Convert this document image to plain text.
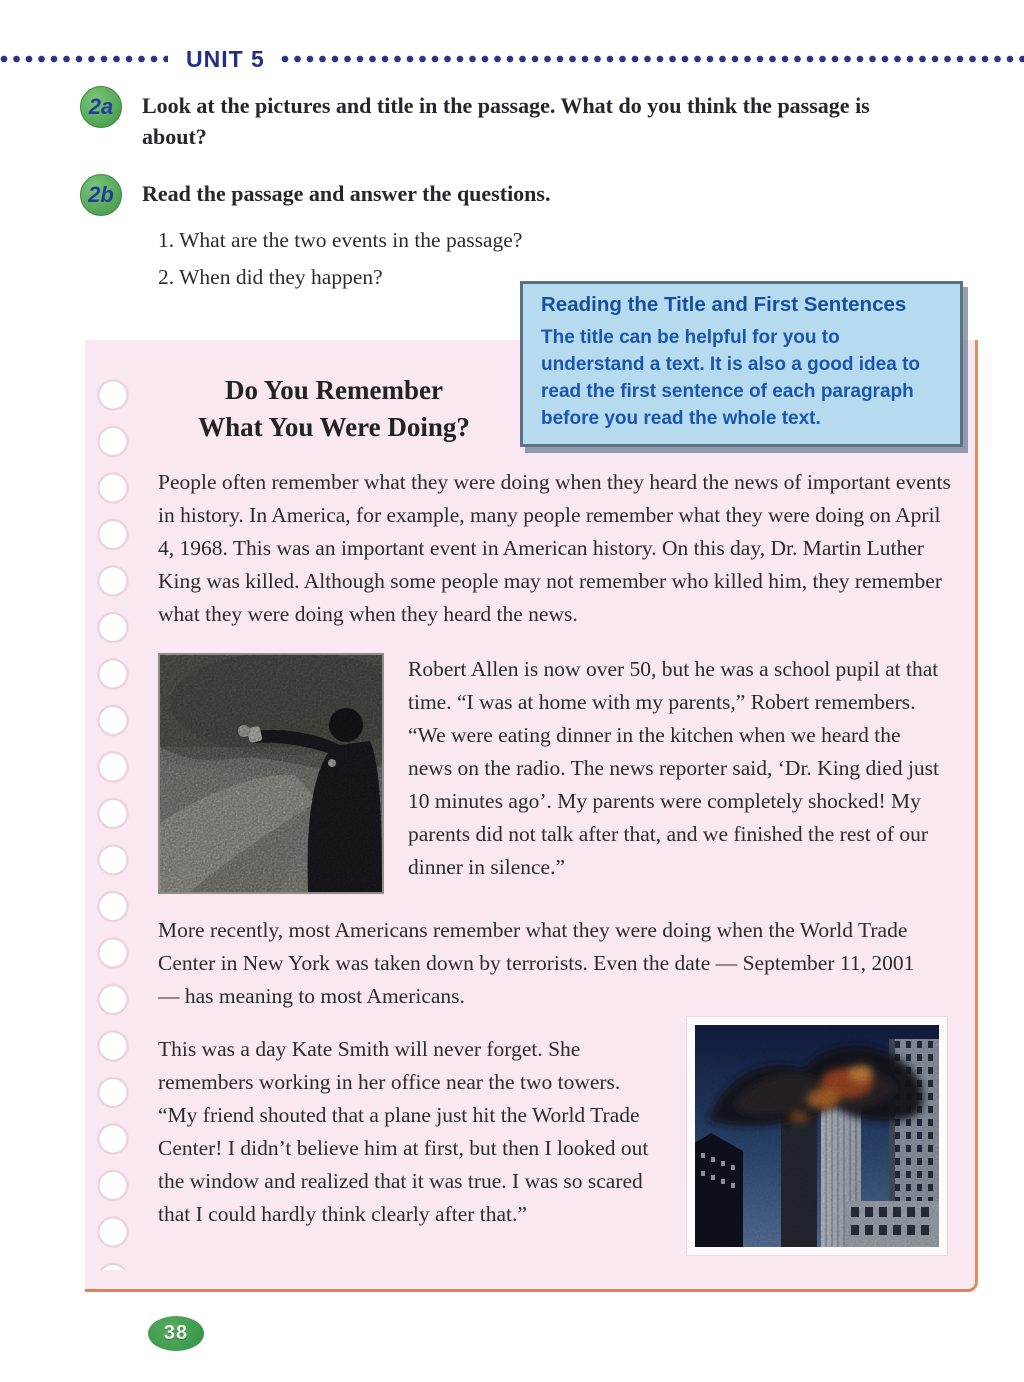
UNIT 5
2a	Look at the pictures and title in the passage. What do you think the passage is about?

2b	Read the passage and answer the questions.

1. What are the two events in the passage?
2. When did they happen?
Reading the Title and First Sentences

The title can be helpful for you to understand a text. It is also a good idea to read the first sentence of each paragraph before you read the whole text.

Do You Remember
What You Were Doing?

People often remember what they were doing when they heard the news of important events in history. In America, for example, many people remember what they were doing on April 4, 1968. This was an important event in American history. On this day, Dr. Martin Luther King was killed. Although some people may not remember who killed him, they remember what they were doing when they heard the news.

Robert Allen is now over 50, but he was a school pupil at that time. “I was at home with my parents,” Robert remembers. “We were eating dinner in the kitchen when we heard the news on the radio. The news reporter said, ‘Dr. King died just 10 minutes ago’. My parents were completely shocked! My parents did not talk after that, and we finished the rest of our dinner in silence.”

More recently, most Americans remember what they were doing when the World Trade Center in New York was taken down by terrorists. Even the date — September 11, 2001 — has meaning to most Americans.

This was a day Kate Smith will never forget. She remembers working in her office near the two towers. “My friend shouted that a plane just hit the World Trade Center! I didn’t believe him at first, but then I looked out the window and realized that it was true. I was so scared that I could hardly think clearly after that.”

38
